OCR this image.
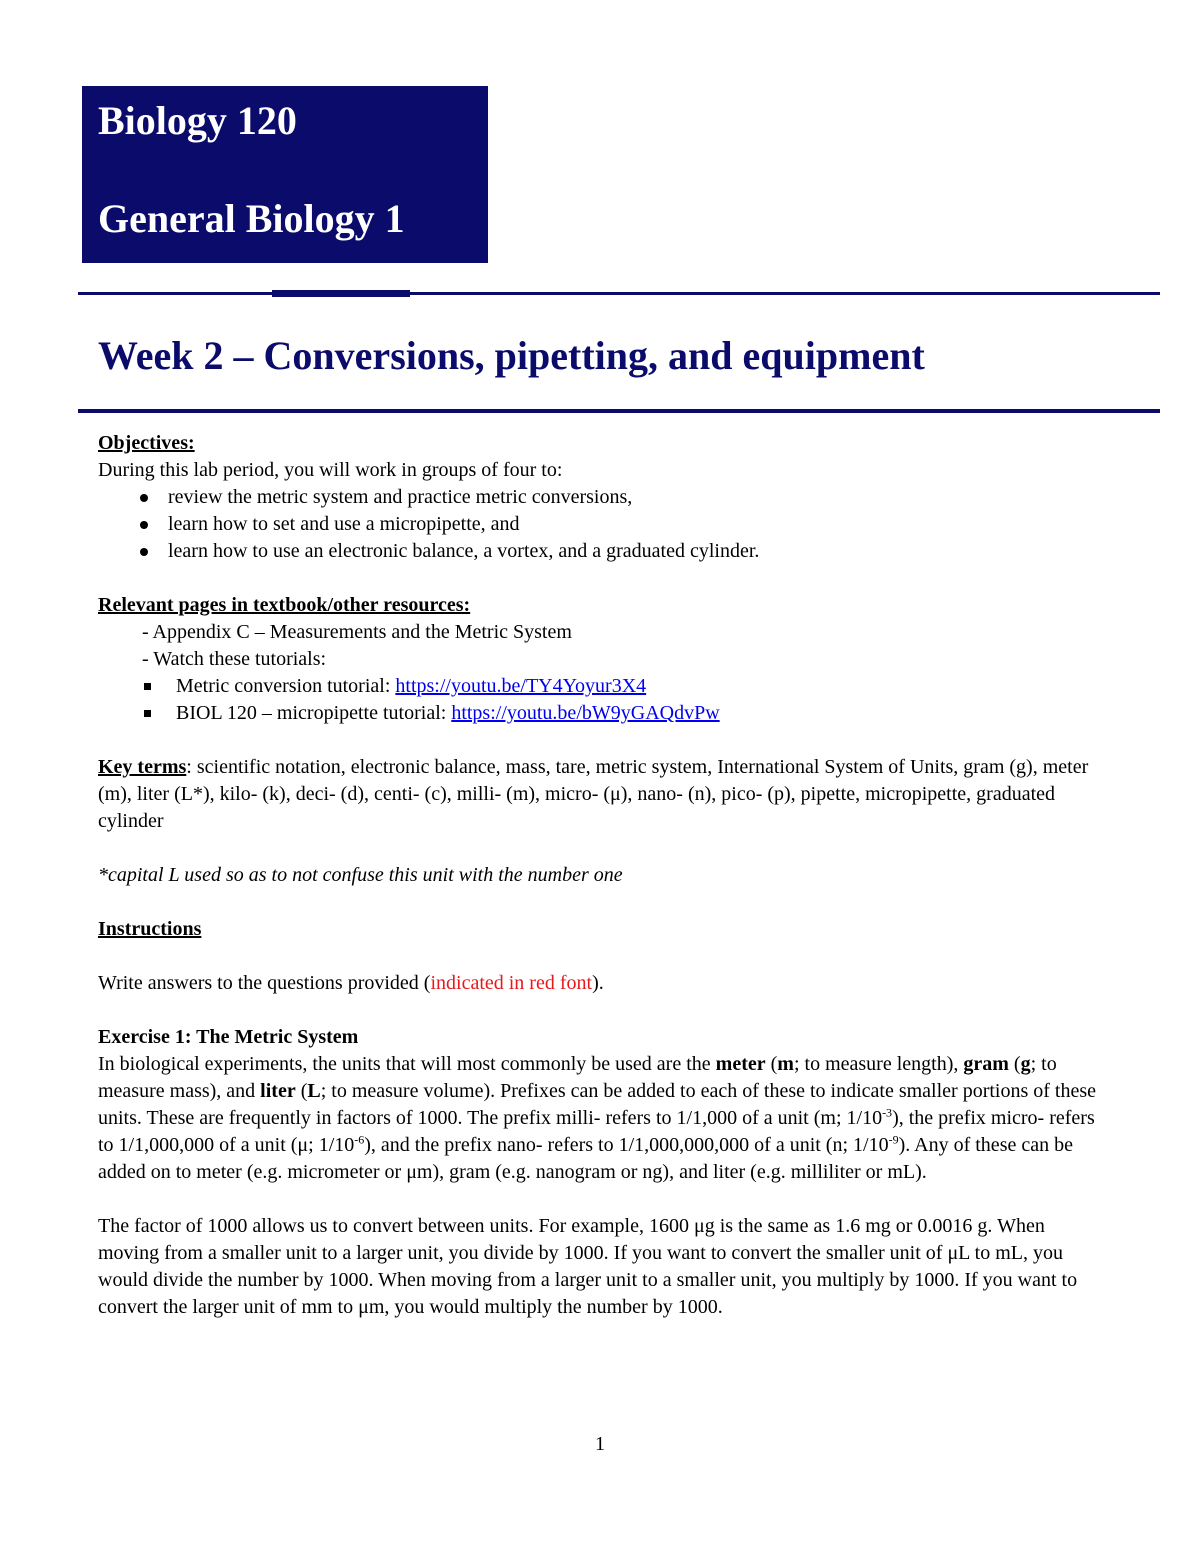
Biology 120
General Biology 1
Week 2 – Conversions, pipetting, and equipment

Objectives:

During this lab period, you will work in groups of four to:

review the metric system and practice metric conversions,
learn how to set and use a micropipette, and
learn how to use an electronic balance, a vortex, and a graduated cylinder.

Relevant pages in textbook/other resources:

- Appendix C – Measurements and the Metric System

- Watch these tutorials:

Metric conversion tutorial: https://youtu.be/TY4Yoyur3X4
BIOL 120 – micropipette tutorial: https://youtu.be/bW9yGAQdvPw

Key terms: scientific notation, electronic balance, mass, tare, metric system, International System of Units, gram (g), meter (m), liter (L*), kilo- (k), deci- (d), centi- (c), milli- (m), micro- (μ), nano- (n), pico- (p), pipette, micropipette, graduated cylinder

*capital L used so as to not confuse this unit with the number one

Instructions

Write answers to the questions provided (indicated in red font).

Exercise 1: The Metric System

In biological experiments, the units that will most commonly be used are the meter (m; to measure length), gram (g; to measure mass), and liter (L; to measure volume). Prefixes can be added to each of these to indicate smaller portions of these units. These are frequently in factors of 1000. The prefix milli- refers to 1/1,000 of a unit (m; $1/10^{-3}$), the prefix micro- refers to 1/1,000,000 of a unit (μ; $1/10^{-6}$), and the prefix nano- refers to 1/1,000,000,000 of a unit (n; $1/10^{-9}$). Any of these can be added on to meter (e.g. micrometer or μm), gram (e.g. nanogram or ng), and liter (e.g. milliliter or mL).

The factor of 1000 allows us to convert between units. For example, 1600 μg is the same as 1.6 mg or 0.0016 g. When moving from a smaller unit to a larger unit, you divide by 1000. If you want to convert the smaller unit of μL to mL, you would divide the number by 1000. When moving from a larger unit to a smaller unit, you multiply by 1000. If you want to convert the larger unit of mm to μm, you would multiply the number by 1000.

1
